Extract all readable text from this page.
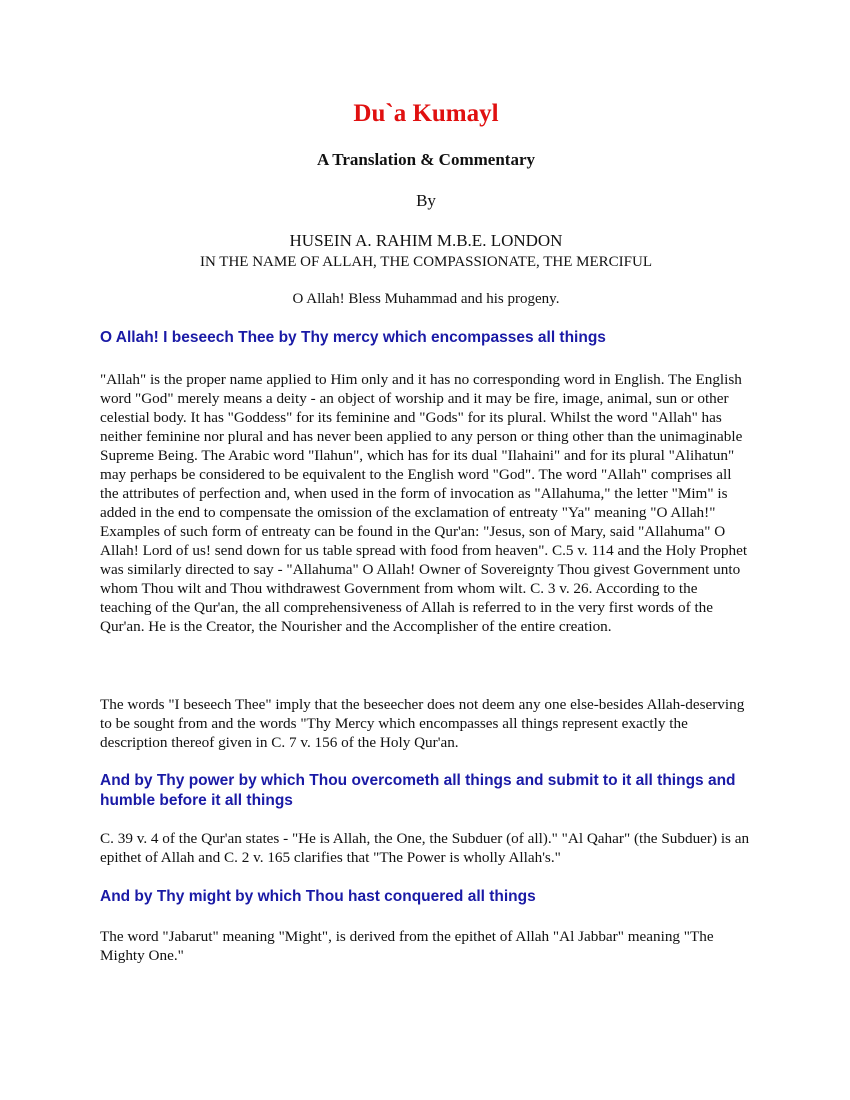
Du`a Kumayl
A Translation & Commentary

By

HUSEIN A. RAHIM M.B.E. LONDON

IN THE NAME OF ALLAH, THE COMPASSIONATE, THE MERCIFUL

O Allah! Bless Muhammad and his progeny.

O Allah! I beseech Thee by Thy mercy which encompasses all things

"Allah" is the proper name applied to Him only and it has no corresponding word in English. The English word "God" merely means a deity - an object of worship and it may be fire, image, animal, sun or other celestial body. It has "Goddess" for its feminine and "Gods" for its plural. Whilst the word "Allah" has neither feminine nor plural and has never been applied to any person or thing other than the unimaginable Supreme Being. The Arabic word "Ilahun", which has for its dual "Ilahaini" and for its plural "Alihatun" may perhaps be considered to be equivalent to the English word "God". The word "Allah" comprises all the attributes of perfection and, when used in the form of invocation as "Allahuma," the letter "Mim" is added in the end to compensate the omission of the exclamation of entreaty "Ya" meaning "O Allah!" Examples of such form of entreaty can be found in the Qur'an: "Jesus, son of Mary, said "Allahuma" O Allah! Lord of us! send down for us table spread with food from heaven". C.5 v. 114 and the Holy Prophet was similarly directed to say - "Allahuma" O Allah! Owner of Sovereignty Thou givest Government unto whom Thou wilt and Thou withdrawest Government from whom wilt. C. 3 v. 26. According to the teaching of the Qur'an, the all comprehensiveness of Allah is referred to in the very first words of the Qur'an. He is the Creator, the Nourisher and the Accomplisher of the entire creation.

The words "I beseech Thee" imply that the beseecher does not deem any one else-besides Allah-deserving to be sought from and the words "Thy Mercy which encompasses all things represent exactly the description thereof given in C. 7 v. 156 of the Holy Qur'an.

And by Thy power by which Thou overcometh all things and submit to it all things and humble before it all things

C. 39 v. 4 of the Qur'an states - "He is Allah, the One, the Subduer (of all)." "Al Qahar" (the Subduer) is an epithet of Allah and C. 2 v. 165 clarifies that "The Power is wholly Allah's."

And by Thy might by which Thou hast conquered all things

The word "Jabarut" meaning "Might", is derived from the epithet of Allah "Al Jabbar" meaning "The Mighty One."
